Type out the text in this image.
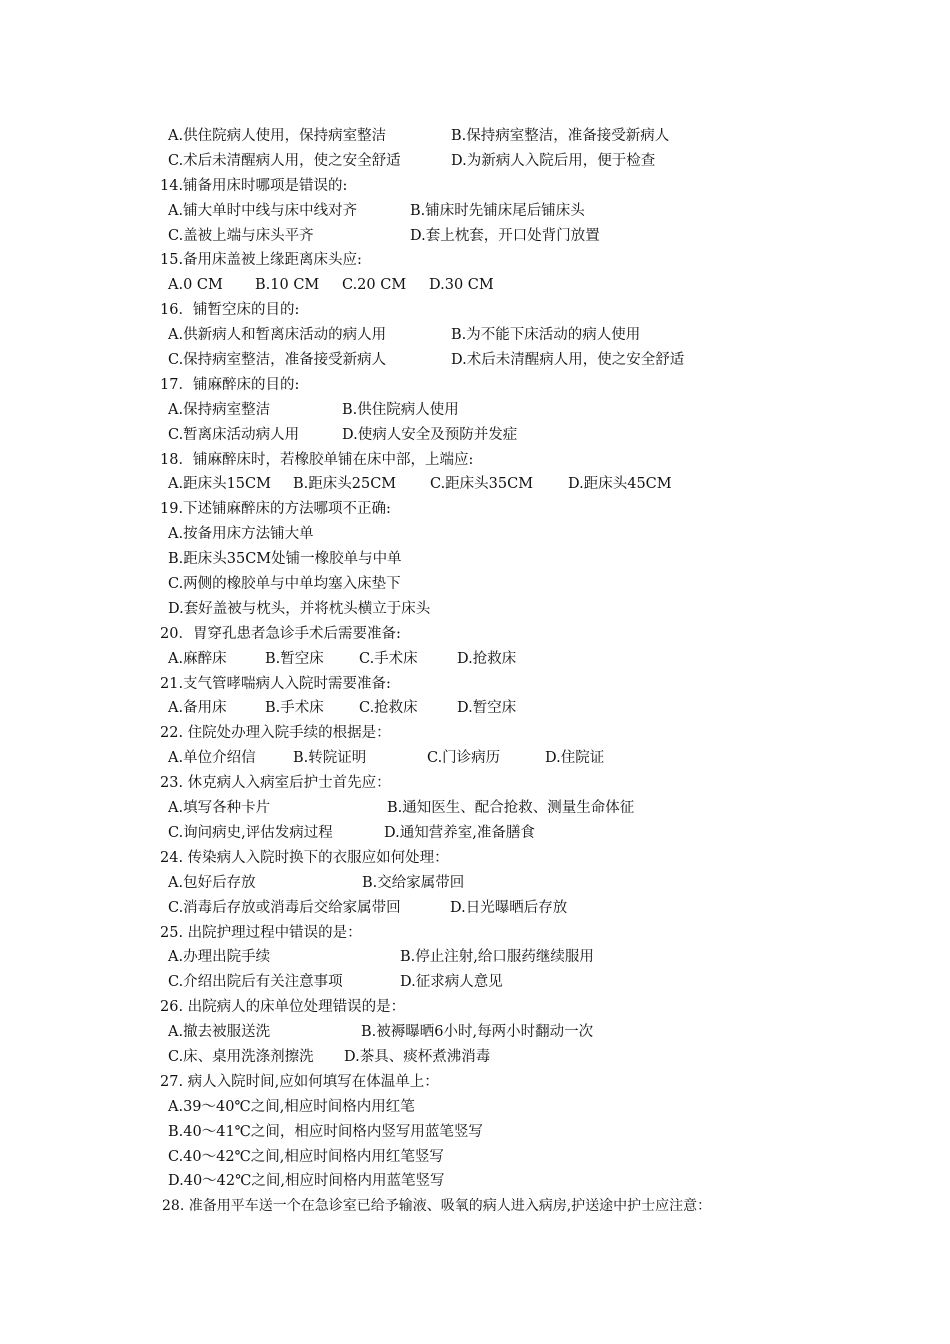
A.供住院病人使用，保持病室整洁	B.保持病室整洁，准备接受新病人
C.术后未清醒病人用，使之安全舒适	D.为新病人入院后用，便于检查
14.铺备用床时哪项是错误的:
A.铺大单时中线与床中线对齐	B.铺床时先铺床尾后铺床头
C.盖被上端与床头平齐	D.套上枕套，开口处背门放置
15.备用床盖被上缘距离床头应:
A.0 CM B.10 CM C.20 CM D.30 CM
16．铺暂空床的目的:
A.供新病人和暂离床活动的病人用	B.为不能下床活动的病人使用
C.保持病室整洁，准备接受新病人	D.术后未清醒病人用，使之安全舒适
17．铺麻醉床的目的:
A.保持病室整洁	B.供住院病人使用
C.暂离床活动病人用	D.使病人安全及预防并发症
18．铺麻醉床时，若橡胶单铺在床中部，上端应:
A.距床头15CM B.距床头25CM C.距床头35CM D.距床头45CM
19.下述铺麻醉床的方法哪项不正确:
A.按备用床方法铺大单
B.距床头35CM处铺一橡胶单与中单
C.两侧的橡胶单与中单均塞入床垫下
D.套好盖被与枕头，并将枕头横立于床头
20．胃穿孔患者急诊手术后需要准备:
A.麻醉床	B.暂空床 C.手术床	D.抢救床
21.支气管哮喘病人入院时需要准备:
A.备用床	B.手术床 C.抢救床	D.暂空床
22. 住院处办理入院手续的根据是：
A.单位介绍信	B.转院证明	C.门诊病历	D.住院证
23. 休克病人入病室后护士首先应：
A.填写各种卡片	B.通知医生、配合抢救、测量生命体征
C.询问病史,评估发病过程	D.通知营养室,准备膳食
24. 传染病人入院时换下的衣服应如何处理：
A.包好后存放	B.交给家属带回
C.消毒后存放或消毒后交给家属带回	D.日光曝晒后存放
25. 出院护理过程中错误的是：
A.办理出院手续	B.停止注射,给口服药继续服用
C.介绍出院后有关注意事项	D.征求病人意见
26. 出院病人的床单位处理错误的是：
A.撤去被服送洗	B.被褥曝晒6小时,每两小时翻动一次
C.床、桌用洗涤剂擦洗 D.茶具、痰杯煮沸消毒
27. 病人入院时间,应如何填写在体温单上：
A.39～40℃之间,相应时间格内用红笔
B.40～41℃之间，相应时间格内竖写用蓝笔竖写
C.40～42℃之间,相应时间格内用红笔竖写
D.40～42℃之间,相应时间格内用蓝笔竖写
28. 准备用平车送一个在急诊室已给予输液、吸氧的病人进入病房,护送途中护士应注意：
